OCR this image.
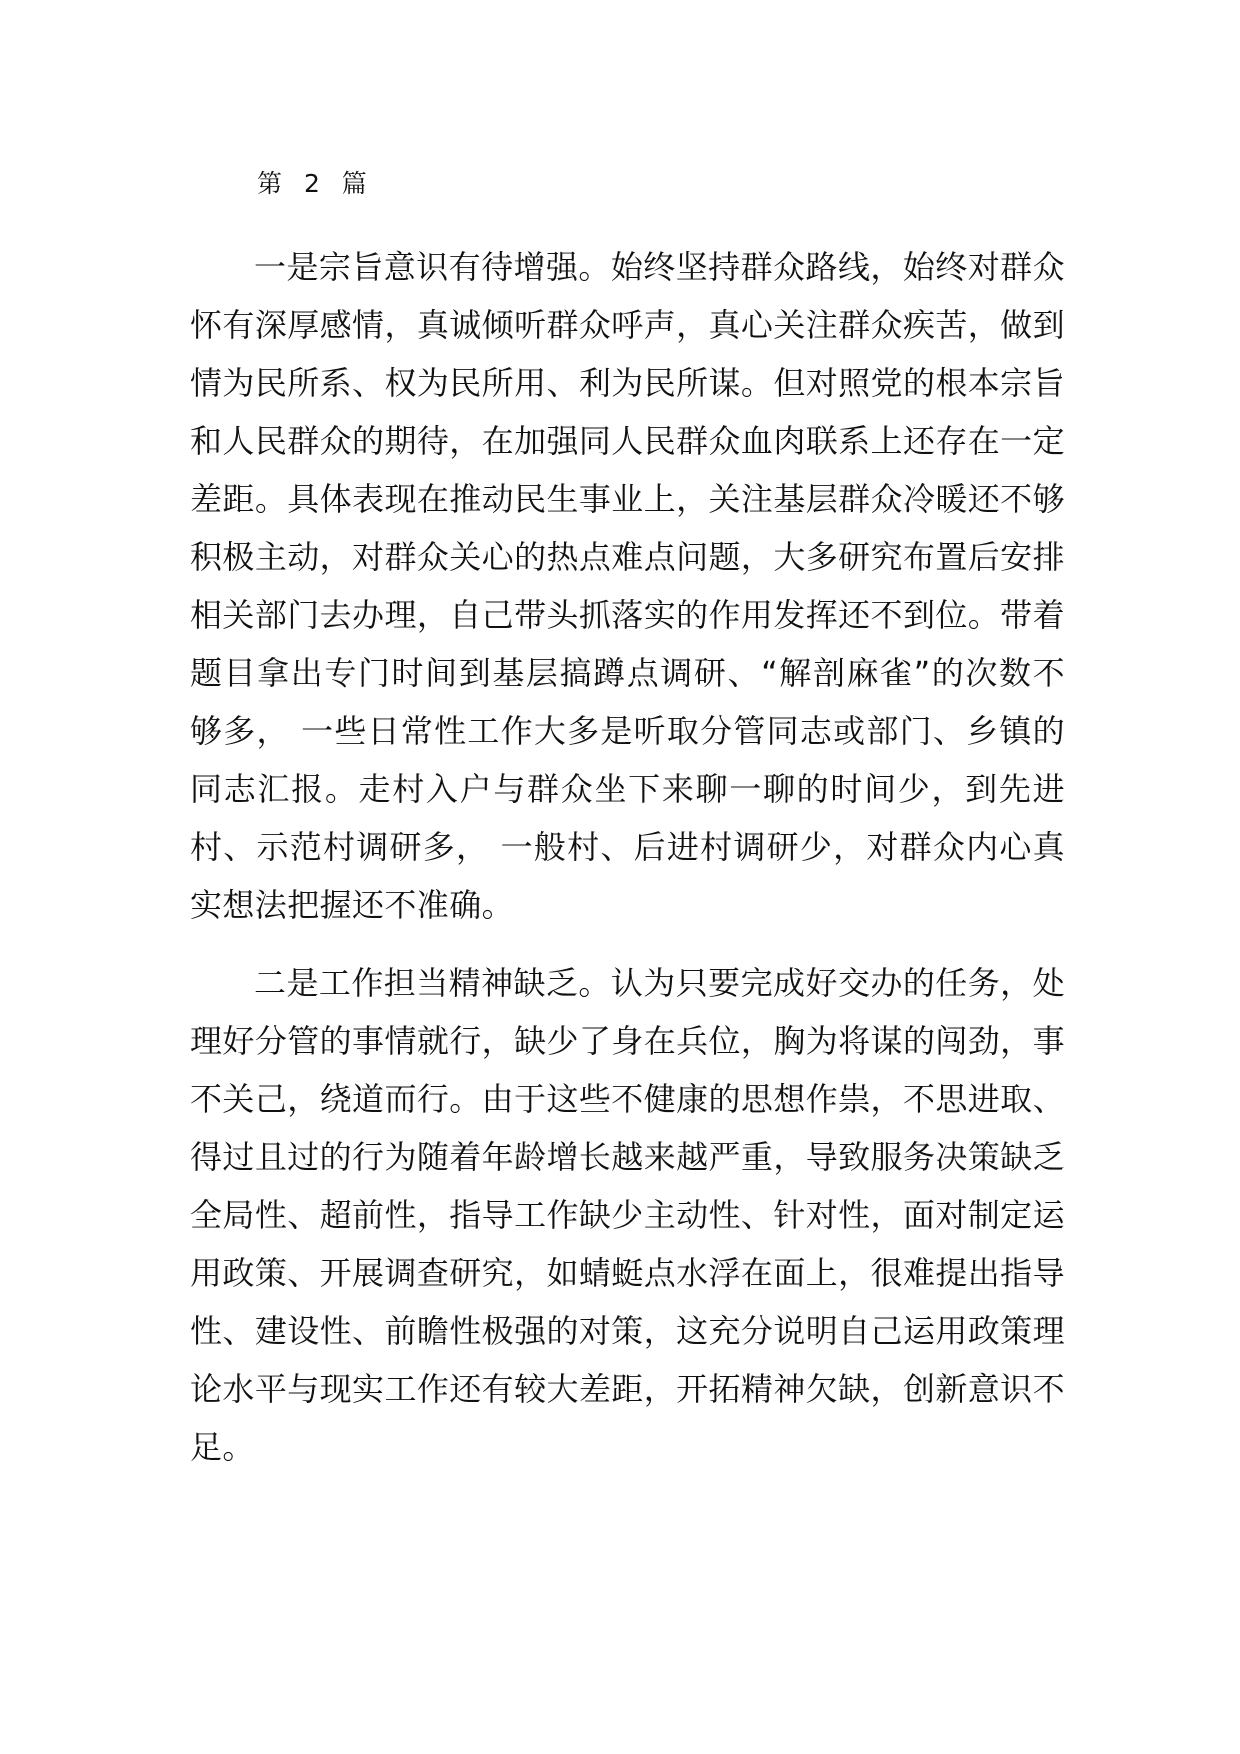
第 2 篇

一是宗旨意识有待增强。始终坚持群众路线，始终对群众怀有深厚感情，真诚倾听群众呼声，真心关注群众疾苦，做到情为民所系、权为民所用、利为民所谋。但对照党的根本宗旨和人民群众的期待，在加强同人民群众血肉联系上还存在一定差距。具体表现在推动民生事业上，关注基层群众冷暖还不够积极主动，对群众关心的热点难点问题，大多研究布置后安排相关部门去办理，自己带头抓落实的作用发挥还不到位。带着题目拿出专门时间到基层搞蹲点调研、“解剖麻雀”的次数不够多， 一些日常性工作大多是听取分管同志或部门、乡镇的同志汇报。走村入户与群众坐下来聊一聊的时间少，到先进村、示范村调研多， 一般村、后进村调研少，对群众内心真实想法把握还不准确。

二是工作担当精神缺乏。认为只要完成好交办的任务，处理好分管的事情就行，缺少了身在兵位，胸为将谋的闯劲，事不关己，绕道而行。由于这些不健康的思想作祟，不思进取、得过且过的行为随着年龄增长越来越严重，导致服务决策缺乏全局性、超前性，指导工作缺少主动性、针对性，面对制定运用政策、开展调查研究，如蜻蜓点水浮在面上，很难提出指导性、建设性、前瞻性极强的对策，这充分说明自己运用政策理论水平与现实工作还有较大差距，开拓精神欠缺，创新意识不足。
